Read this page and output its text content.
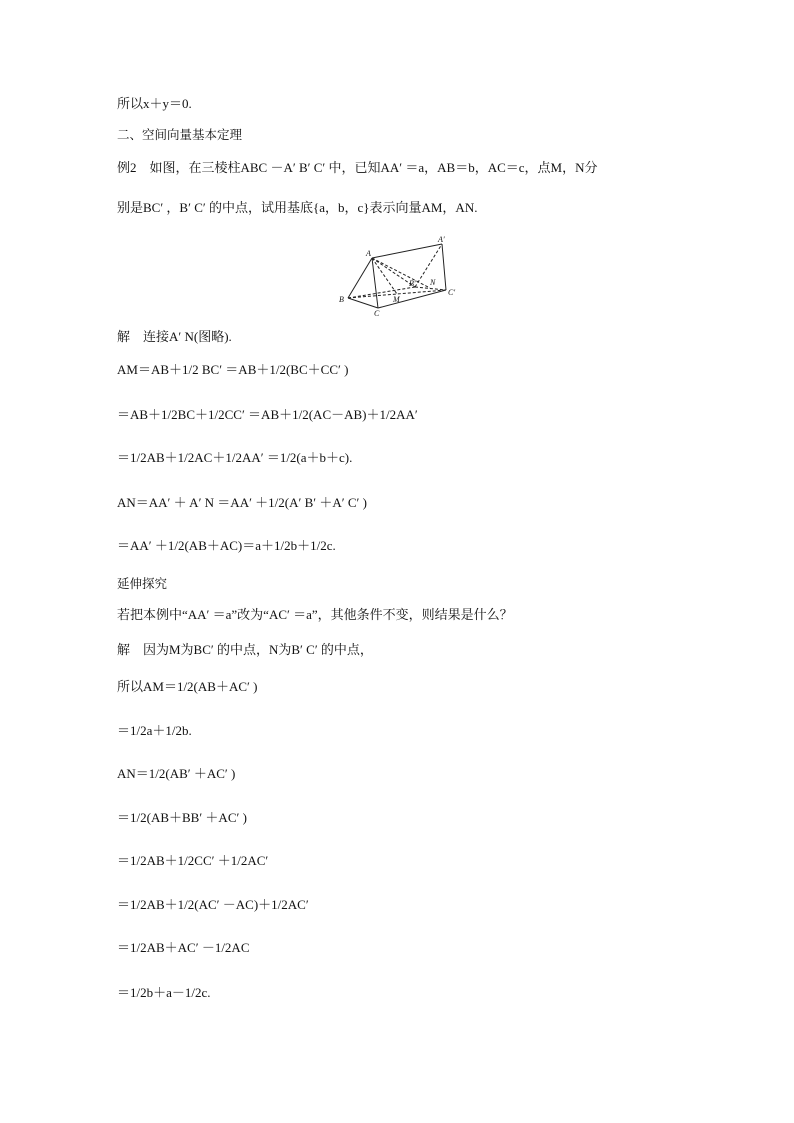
所以x＋y＝0.
二、空间向量基本定理
例2　如图，在三棱柱ABC －A′ B′ C′ 中，已知AA′ ＝a，AB＝b，AC＝c，点M，N分
别是BC′ ，B′ C′ 的中点，试用基底{a，b，c}表示向量AM，AN.
A
A′
B
B′
C
C′
M
N
解　连接A′ N(图略).
AM＝AB＋1/2 BC′ ＝AB＋1/2(BC＋CC′ )
＝AB＋1/2BC＋1/2CC′ ＝AB＋1/2(AC－AB)＋1/2AA′
＝1/2AB＋1/2AC＋1/2AA′ ＝1/2(a＋b＋c).
AN＝AA′ ＋ A′ N ＝AA′ ＋1/2(A′ B′ ＋A′ C′ )
＝AA′ ＋1/2(AB＋AC)＝a＋1/2b＋1/2c.
延伸探究
若把本例中“AA′ ＝a”改为“AC′ ＝a”，其他条件不变，则结果是什么？
解　因为M为BC′ 的中点，N为B′ C′ 的中点，
所以AM＝1/2(AB＋AC′ )
＝1/2a＋1/2b.
AN＝1/2(AB′ ＋AC′ )
＝1/2(AB＋BB′ ＋AC′ )
＝1/2AB＋1/2CC′ ＋1/2AC′
＝1/2AB＋1/2(AC′ －AC)＋1/2AC′
＝1/2AB＋AC′ －1/2AC
＝1/2b＋a－1/2c.
